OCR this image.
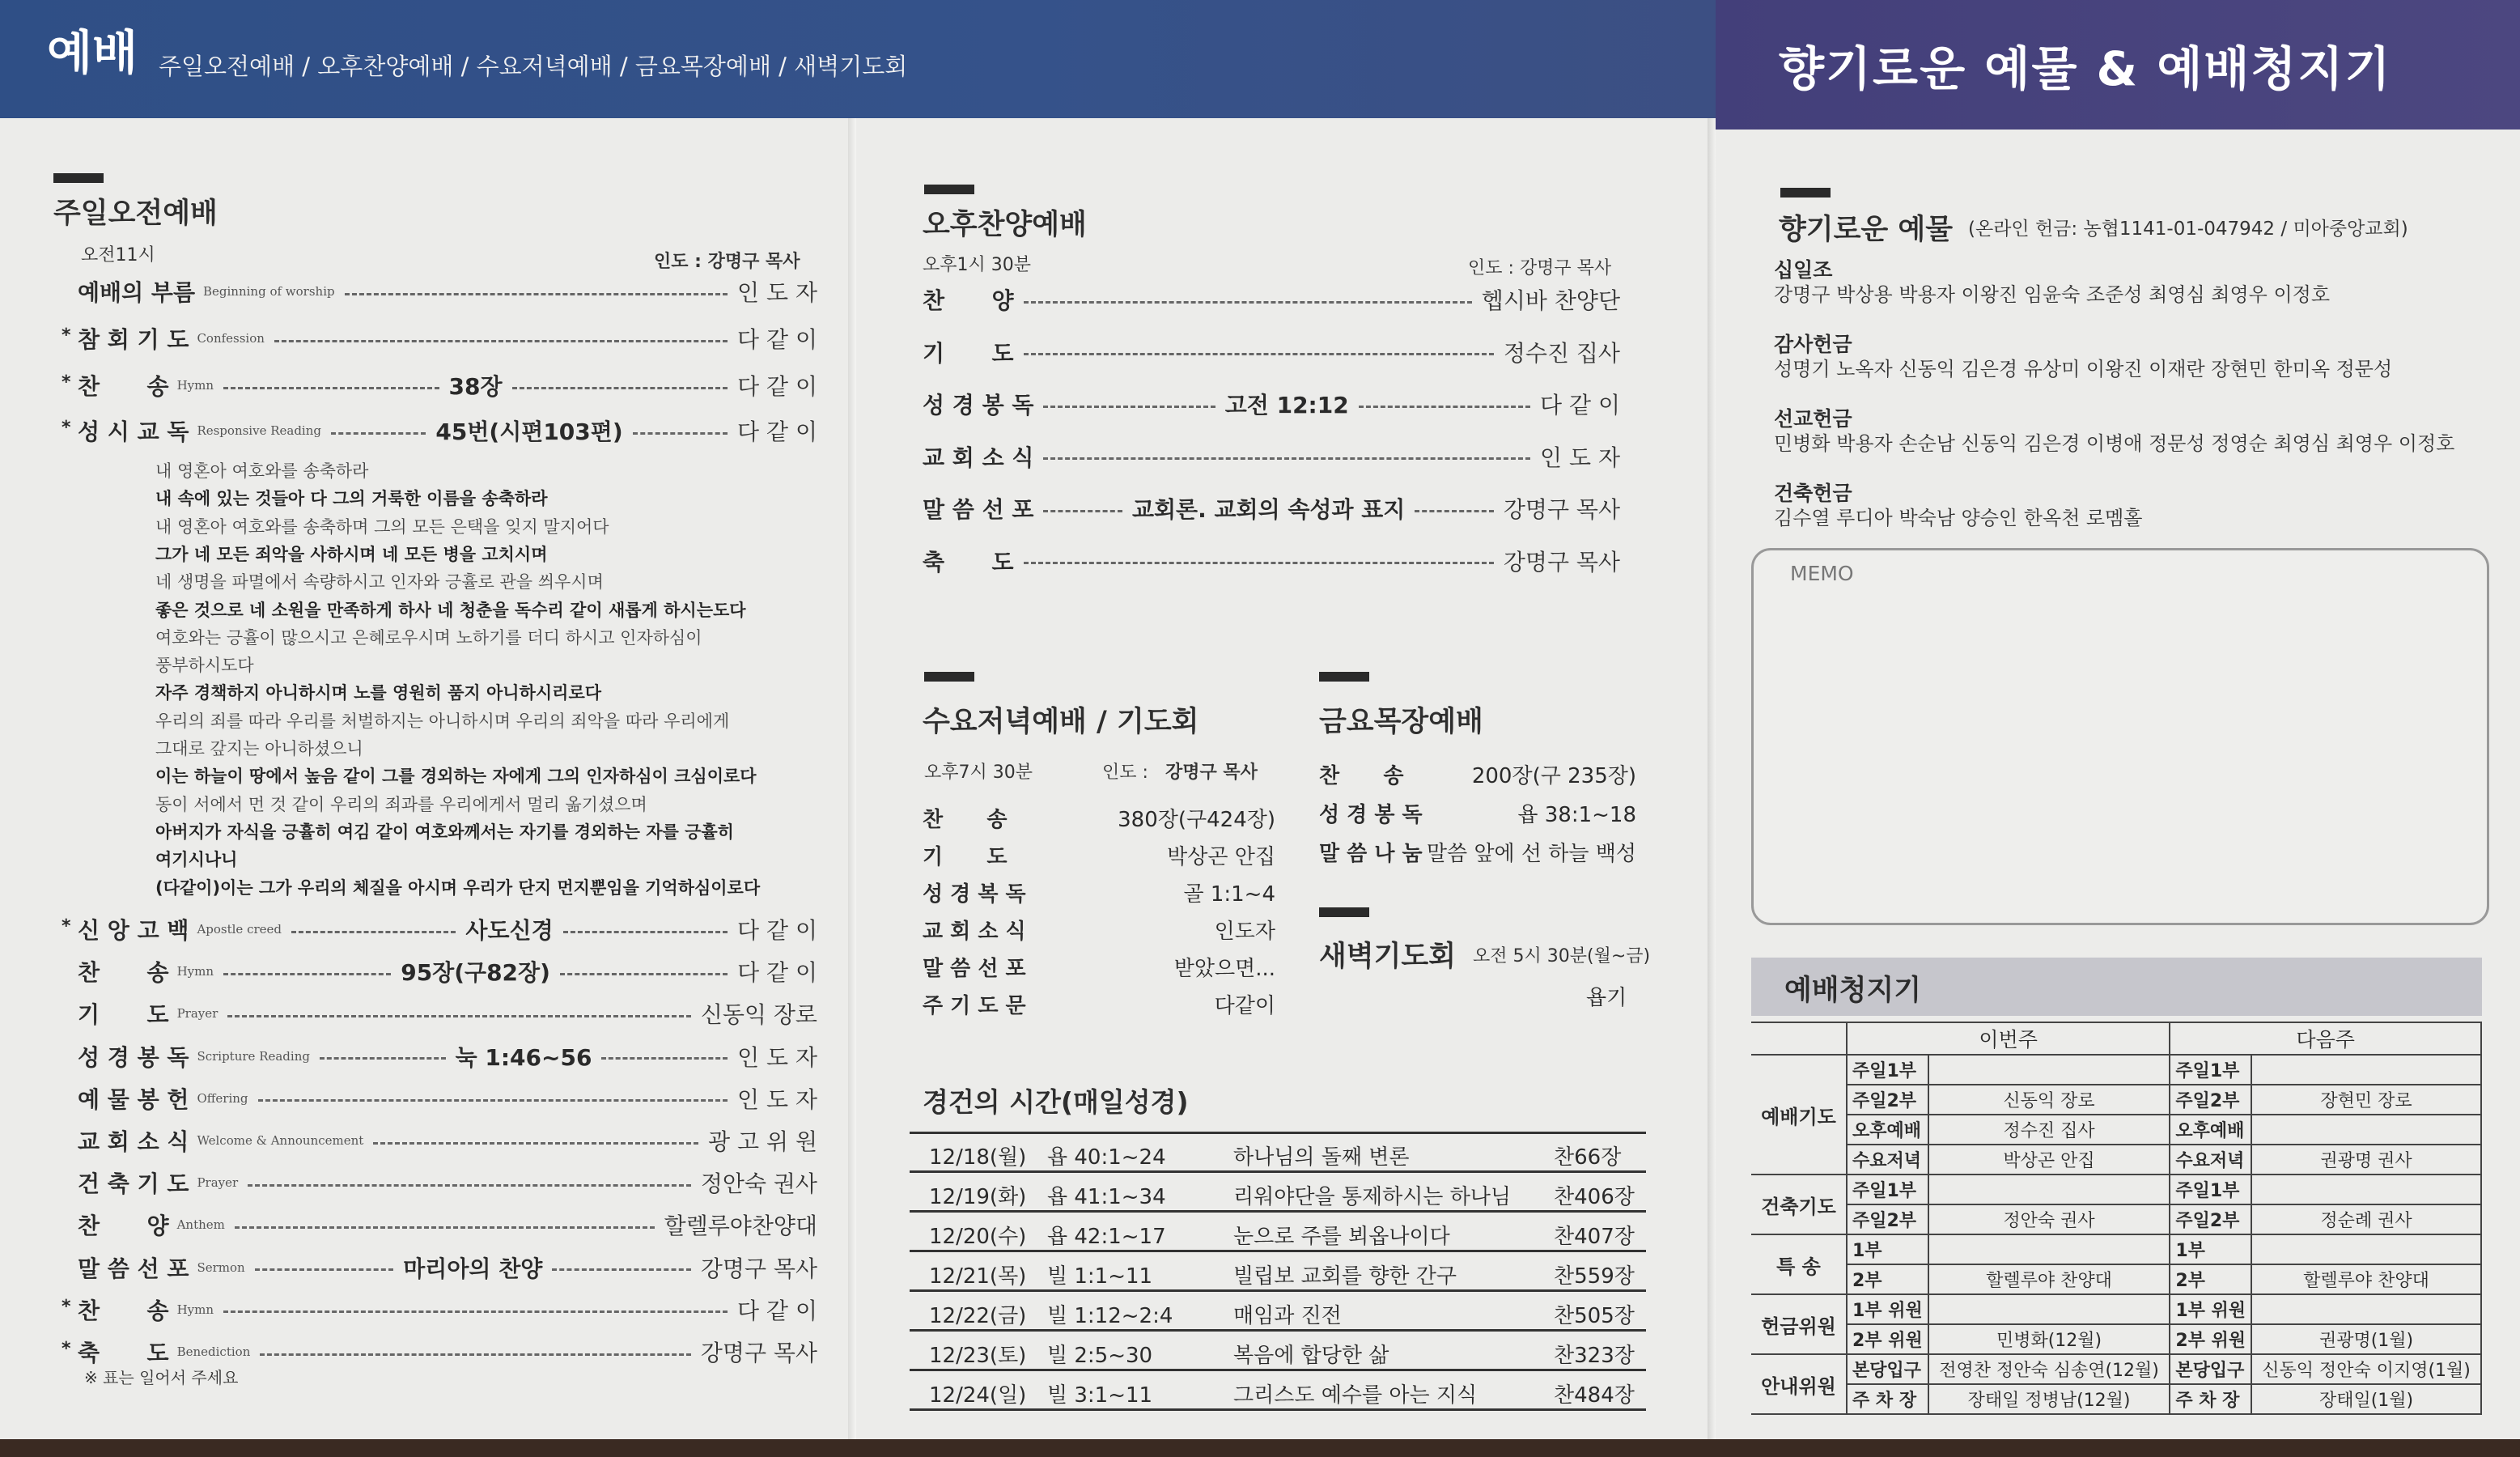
예배 주일오전예배 / 오후찬양예배 / 수요저녁예배 / 금요목장예배 / 새벽기도회	향기로운 예물 & 예배청지기
주일오전예배
오전11시	인도 : 강명구 목사
예배의 부름 Beginning of worship	인 도 자
* 참 회 기 도 Confession	다 같 이
* 찬      송 Hymn	38장	다 같 이
* 성 시 교 독 Responsive Reading	45번(시편103편)	다 같 이
내 영혼아 여호와를 송축하라
내 속에 있는 것들아 다 그의 거룩한 이름을 송축하라
내 영혼아 여호와를 송축하며 그의 모든 은택을 잊지 말지어다
그가 네 모든 죄악을 사하시며 네 모든 병을 고치시며
네 생명을 파멸에서 속량하시고 인자와 긍휼로 관을 씌우시며
좋은 것으로 네 소원을 만족하게 하사 네 청춘을 독수리 같이 새롭게 하시는도다
여호와는 긍휼이 많으시고 은혜로우시며 노하기를 더디 하시고 인자하심이
풍부하시도다
자주 경책하지 아니하시며 노를 영원히 품지 아니하시리로다
우리의 죄를 따라 우리를 처벌하지는 아니하시며 우리의 죄악을 따라 우리에게
그대로 갚지는 아니하셨으니
이는 하늘이 땅에서 높음 같이 그를 경외하는 자에게 그의 인자하심이 크심이로다
동이 서에서 먼 것 같이 우리의 죄과를 우리에게서 멀리 옮기셨으며
아버지가 자식을 긍휼히 여김 같이 여호와께서는 자기를 경외하는 자를 긍휼히
여기시나니
(다같이)이는 그가 우리의 체질을 아시며 우리가 단지 먼지뿐임을 기억하심이로다
* 신 앙 고 백 Apostle creed	사도신경	다 같 이
찬      송 Hymn	95장(구82장)	다 같 이
기      도 Prayer	신동익 장로
성 경 봉 독 Scripture Reading	눅 1:46~56	인 도 자
예 물 봉 헌 Offering	인 도 자
교 회 소 식 Welcome & Announcement	광 고 위 원
건 축 기 도 Prayer	정안숙 권사
찬      양 Anthem	할렐루야찬양대
말 씀 선 포 Sermon	마리아의 찬양	강명구 목사
* 찬      송 Hymn	다 같 이
* 축      도 Benediction	강명구 목사
※ 표는 일어서 주세요
오후찬양예배
오후1시 30분	인도 : 강명구 목사
찬      양	헵시바 찬양단
기      도	정수진 집사
성 경 봉 독	고전 12:12	다 같 이
교 회 소 식	인 도 자
말 씀 선 포	교회론. 교회의 속성과 표지	강명구 목사
축      도	강명구 목사
수요저녁예배 / 기도회
오후7시 30분	인도 : 강명구 목사
찬      송	380장(구424장)
기      도	박상곤 안집
성 경 복 독	골 1:1~4
교 회 소 식	인도자
말 씀 선 포	받았으면...
주 기 도 문	다같이
금요목장예배
찬      송	200장(구 235장)
성 경 봉 독	욥 38:1~18
말 씀 나 눔 말씀 앞에 선 하늘 백성
새벽기도회 오전 5시 30분(월~금)
욥기
경건의 시간(매일성경)
12/18(월) 욥 40:1~24	하나님의 돌째 변론	찬66장
12/19(화) 욥 41:1~34	리워야단을 통제하시는 하나님 찬406장
12/20(수) 욥 42:1~17	눈으로 주를 뵈옵나이다	찬407장
12/21(목) 빌 1:1~11	빌립보 교회를 향한 간구	찬559장
12/22(금) 빌 1:12~2:4	매임과 진전	찬505장
12/23(토) 빌 2:5~30	복음에 합당한 삶	찬323장
12/24(일) 빌 3:1~11	그리스도 예수를 아는 지식	찬484장
향기로운 예물 (온라인 헌금: 농협1141-01-047942 / 미아중앙교회)
십일조
강명구 박상용 박용자 이왕진 임윤숙 조준성 최영심 최영우 이정호
감사헌금
성명기 노옥자 신동익 김은경 유상미 이왕진 이재란 장현민 한미옥 정문성
선교헌금
민병화 박용자 손순남 신동익 김은경 이병애 정문성 정영순 최영심 최영우 이정호
건축헌금
김수열 루디아 박숙남 양승인 한옥천 로멤홀
MEMO
예배청지기
	이번주		다음주	
예배기도	주일1부		주일1부	
	주일2부	신동익 장로	주일2부	장현민 장로
	오후예배	정수진 집사	오후예배	
	수요저녁	박상곤 안집	수요저녁	권광명 권사
건축기도	주일1부		주일1부	
	주일2부	정안숙 권사	주일2부	정순례 권사
특 송	1부		1부	
	2부	할렐루야 찬양대	2부	할렐루야 찬양대
헌금위원	1부 위원		1부 위원	
	2부 위원	민병화(12월)	2부 위원	권광명(1월)
안내위원	본당입구	전영찬 정안숙 심송연(12월)	본당입구	신동익 정안숙 이지영(1월)
	주 차 장	장태일 정병남(12월)	주 차 장	장태일(1월)
